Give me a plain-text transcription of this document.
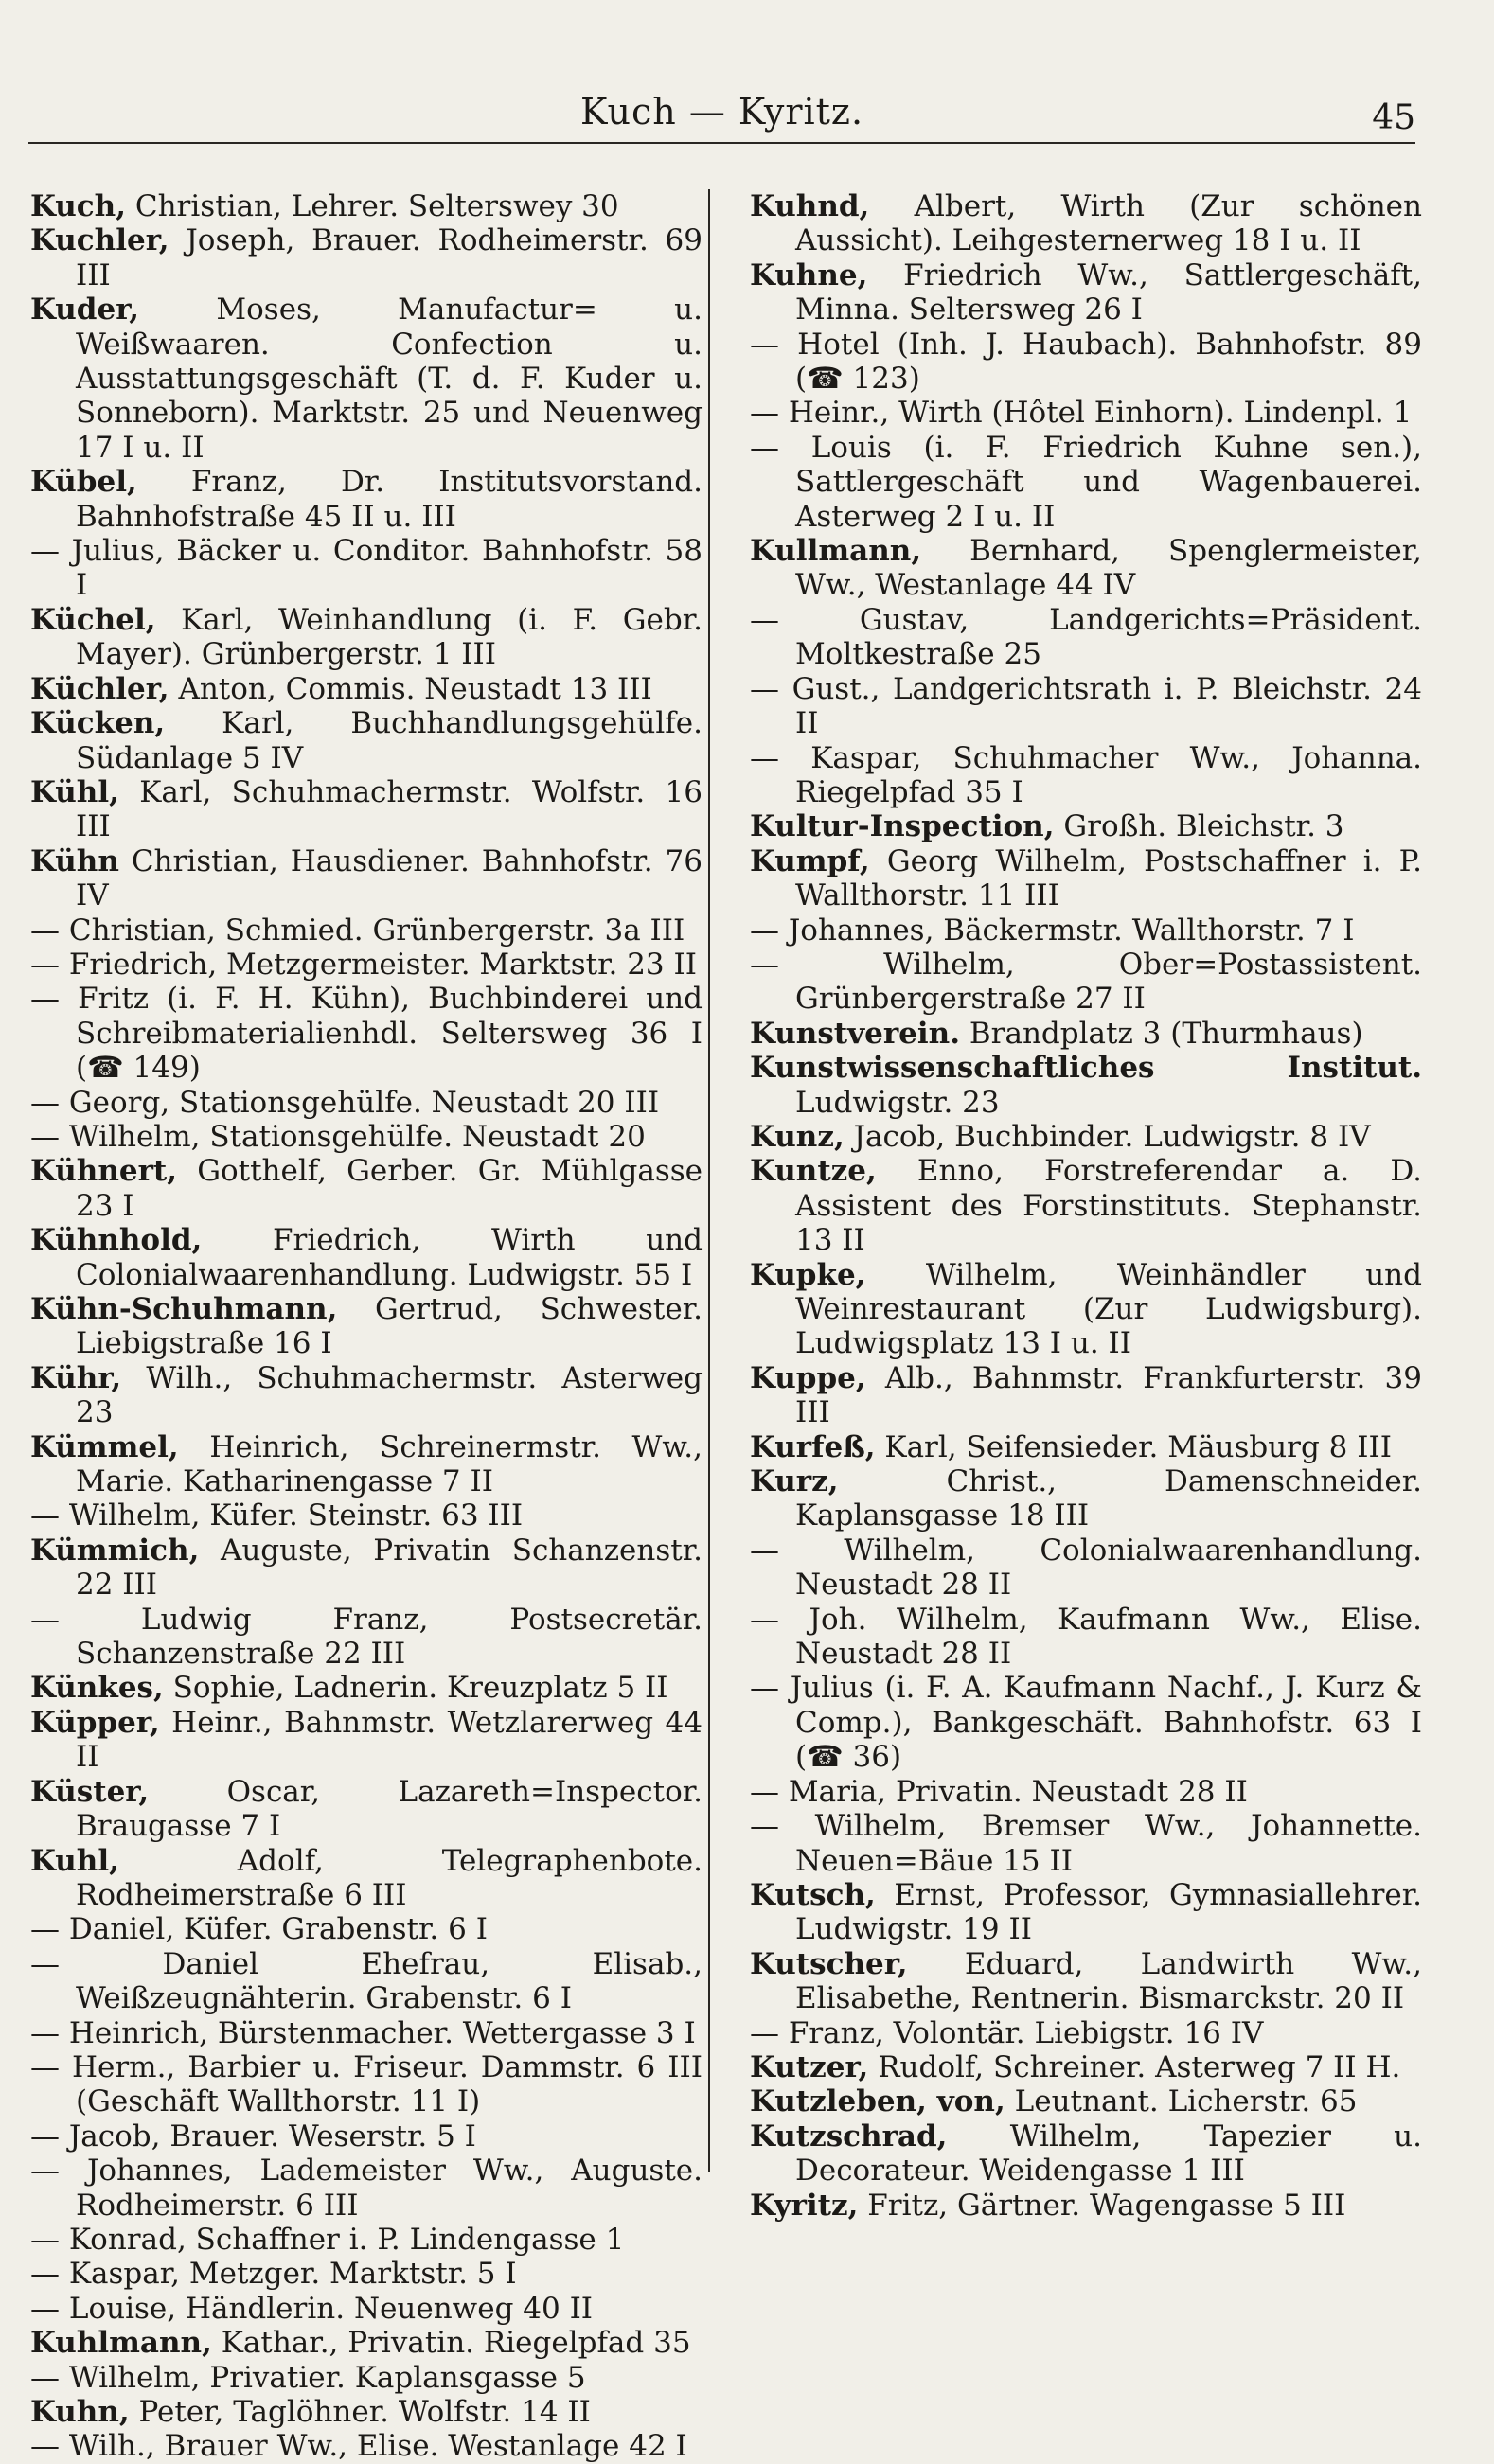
Kuch — Kyritz.	45
Kuch, Christian, Lehrer. Selterswey 30
Kuchler, Joseph, Brauer. Rodheimerstr. 69 III
Kuder,	Moses, Manufactur= u. Weißwaaren. Confection u. Ausstattungsgeschäft (T. d. F. Kuder u. Sonneborn). Marktstr. 25 und Neuenweg 17 I u. II
Kübel, Franz, Dr. Institutsvorstand. Bahnhofstraße 45 II u. III
— Julius, Bäcker u. Conditor. Bahnhofstr. 58 I
Küchel, Karl, Weinhandlung (i. F. Gebr. Mayer). Grünbergerstr. 1 III
Küchler, Anton, Commis. Neustadt 13 III
Kücken, Karl, Buchhandlungsgehülfe. Südanlage 5 IV
Kühl, Karl, Schuhmachermstr. Wolfstr. 16 III
Kühn Christian, Hausdiener. Bahnhofstr. 76 IV
— Christian, Schmied. Grünbergerstr. 3a III
— Friedrich, Metzgermeister. Marktstr. 23 II
— Fritz (i. F. H. Kühn), Buchbinderei und Schreibmaterialienhdl. Seltersweg 36 I (☎ 149)
— Georg, Stationsgehülfe. Neustadt 20 III
— Wilhelm, Stationsgehülfe. Neustadt 20
Kühnert, Gotthelf, Gerber. Gr. Mühlgasse 23 I
Kühnhold, Friedrich, Wirth und Colonialwaarenhandlung. Ludwigstr. 55 I
Kühn-Schuhmann, Gertrud, Schwester. Liebigstraße 16 I
Kühr, Wilh., Schuhmachermstr. Asterweg 23
Kümmel, Heinrich, Schreinermstr. Ww., Marie. Katharinengasse 7 II
— Wilhelm, Küfer. Steinstr. 63 III
Kümmich, Auguste, Privatin Schanzenstr. 22 III
— Ludwig Franz, Postsecretär. Schanzenstraße 22 III
Künkes, Sophie, Ladnerin. Kreuzplatz 5 II
Küpper, Heinr., Bahnmstr. Wetzlarerweg 44 II
Küster,	Oscar, Lazareth=Inspector. Braugasse 7 I
Kuhl,	Adolf, Telegraphenbote. Rodheimerstraße 6 III
— Daniel, Küfer. Grabenstr. 6 I
— Daniel Ehefrau, Elisab., Weißzeugnähterin. Grabenstr. 6 I
— Heinrich, Bürstenmacher. Wettergasse 3 I
— Herm., Barbier u. Friseur. Dammstr. 6 III (Geschäft Wallthorstr. 11 I)
— Jacob, Brauer. Weserstr. 5 I
— Johannes, Lademeister Ww., Auguste. Rodheimerstr. 6 III
— Konrad, Schaffner i. P. Lindengasse 1
— Kaspar, Metzger. Marktstr. 5 I
— Louise, Händlerin. Neuenweg 40 II
Kuhlmann, Kathar., Privatin. Riegelpfad 35
— Wilhelm, Privatier. Kaplansgasse 5
Kuhn, Peter, Taglöhner. Wolfstr. 14 II
— Wilh., Brauer Ww., Elise. Westanlage 42 I
Kuhnd, Albert, Wirth (Zur schönen Aussicht). Leihgesternerweg 18 I u. II
Kuhne, Friedrich Ww., Sattlergeschäft, Minna. Seltersweg 26 I
— Hotel (Inh. J. Haubach). Bahnhofstr. 89 (☎ 123)
— Heinr., Wirth (Hôtel Einhorn). Lindenpl. 1
— Louis (i. F. Friedrich Kuhne sen.), Sattlergeschäft und Wagenbauerei. Asterweg 2 I u. II
Kullmann, Bernhard, Spenglermeister, Ww., Westanlage 44 IV
— Gustav, Landgerichts=Präsident. Moltkestraße 25
— Gust., Landgerichtsrath i. P. Bleichstr. 24 II
— Kaspar, Schuhmacher Ww., Johanna. Riegelpfad 35 I
Kultur-Inspection, Großh. Bleichstr. 3
Kumpf, Georg Wilhelm, Postschaffner i. P. Wallthorstr. 11 III
— Johannes, Bäckermstr. Wallthorstr. 7 I
— Wilhelm, Ober=Postassistent. Grünbergerstraße 27 II
Kunstverein. Brandplatz 3 (Thurmhaus)
Kunstwissenschaftliches Institut. Ludwigstr. 23
Kunz, Jacob, Buchbinder. Ludwigstr. 8 IV
Kuntze, Enno, Forstreferendar a. D. Assistent des Forstinstituts. Stephanstr. 13 II
Kupke, Wilhelm, Weinhändler und Weinrestaurant (Zur Ludwigsburg). Ludwigsplatz 13 I u. II
Kuppe, Alb., Bahnmstr. Frankfurterstr. 39 III
Kurfeß, Karl, Seifensieder. Mäusburg 8 III
Kurz,	Christ., Damenschneider. Kaplansgasse 18 III
— Wilhelm, Colonialwaarenhandlung. Neustadt 28 II
— Joh. Wilhelm, Kaufmann Ww., Elise. Neustadt 28 II
— Julius (i. F. A. Kaufmann Nachf., J. Kurz & Comp.), Bankgeschäft. Bahnhofstr. 63 I (☎ 36)
— Maria, Privatin. Neustadt 28 II
— Wilhelm, Bremser Ww., Johannette. Neuen=Bäue 15 II
Kutsch, Ernst, Professor, Gymnasiallehrer. Ludwigstr. 19 II
Kutscher, Eduard, Landwirth Ww., Elisabethe, Rentnerin. Bismarckstr. 20 II
— Franz, Volontär. Liebigstr. 16 IV
Kutzer, Rudolf, Schreiner. Asterweg 7 II H.
Kutzleben, von, Leutnant. Licherstr. 65
Kutzschrad, Wilhelm, Tapezier u. Decorateur. Weidengasse 1 III
Kyritz, Fritz, Gärtner. Wagengasse 5 III
